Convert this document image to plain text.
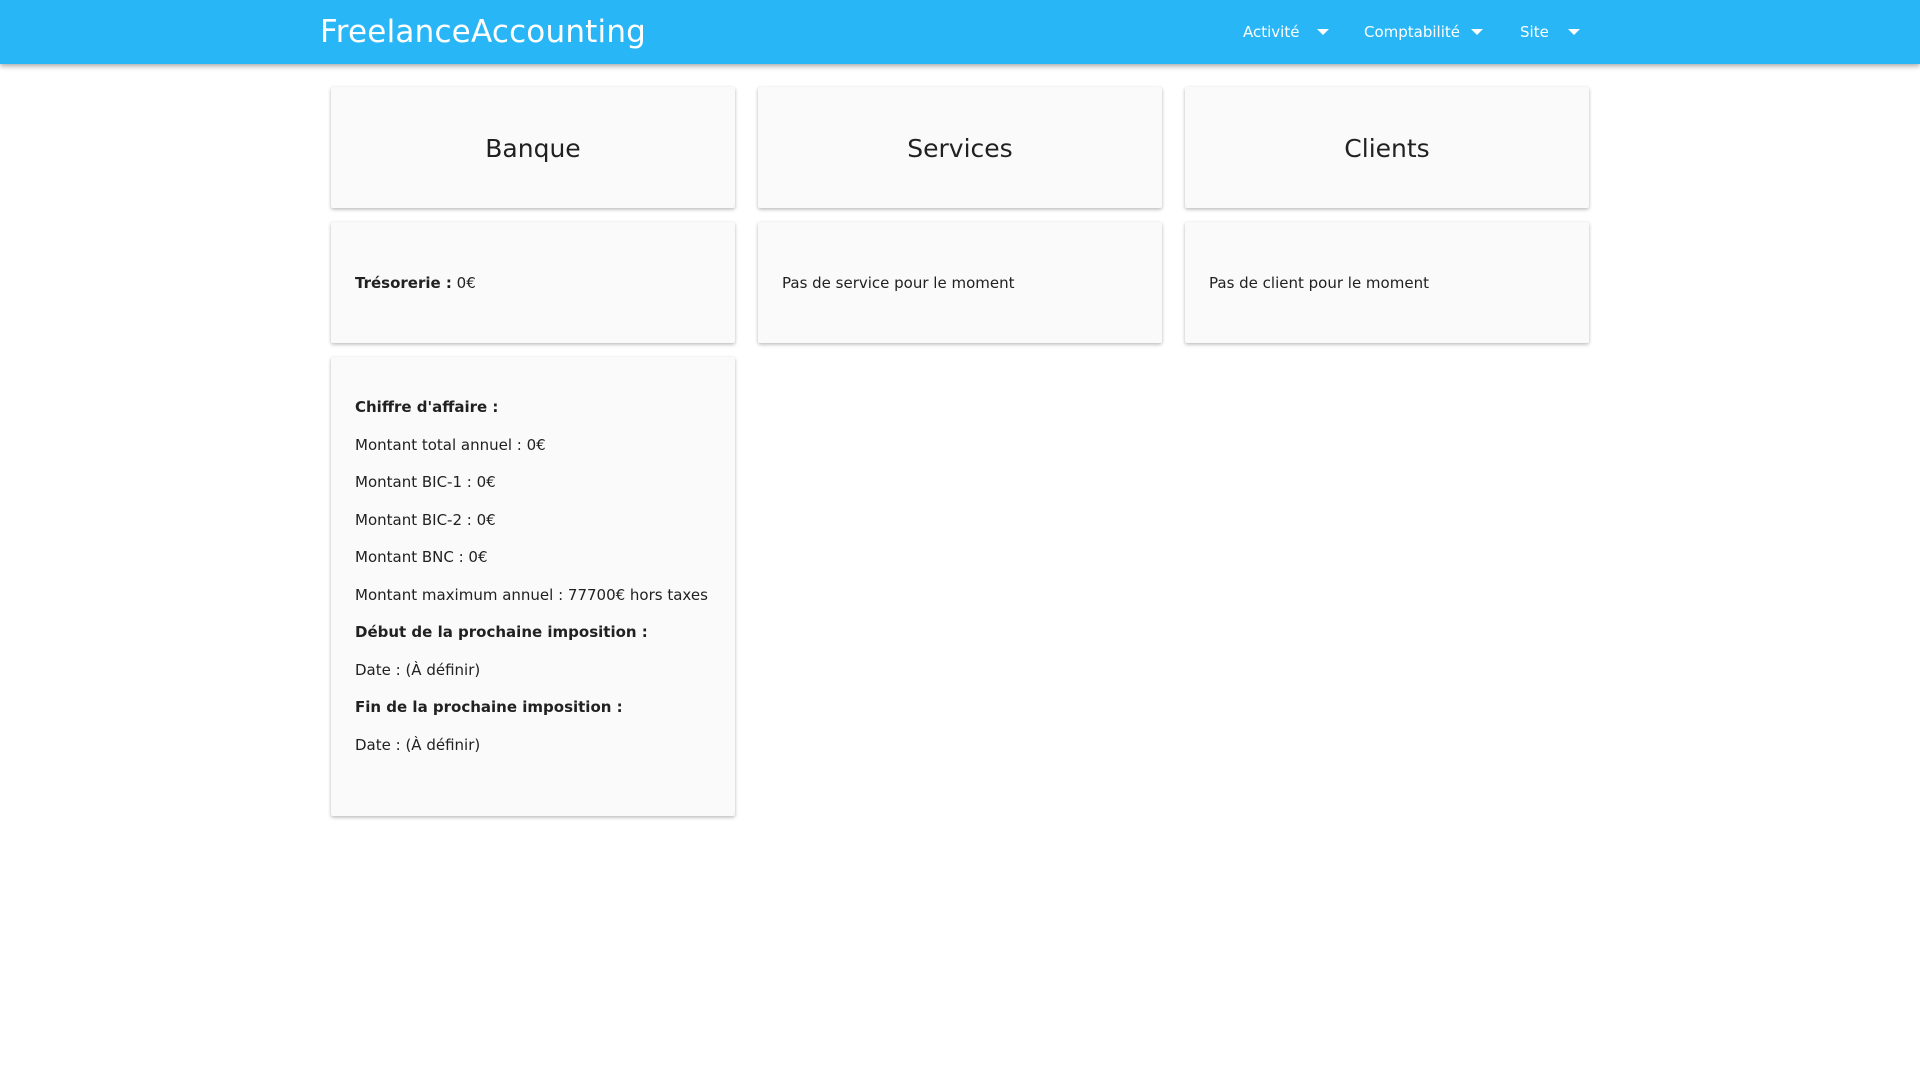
FreelanceAccounting	Activité	Comptabilité	Site
Banque	Services	Clients
Trésorerie : 0€	Pas de service pour le moment	Pas de client pour le moment

Chiffre d'affaire :

Montant total annuel : 0€

Montant BIC-1 : 0€

Montant BIC-2 : 0€

Montant BNC : 0€

Montant maximum annuel : 77700€ hors taxes

Début de la prochaine imposition :

Date : (À définir)

Fin de la prochaine imposition :

Date : (À définir)
